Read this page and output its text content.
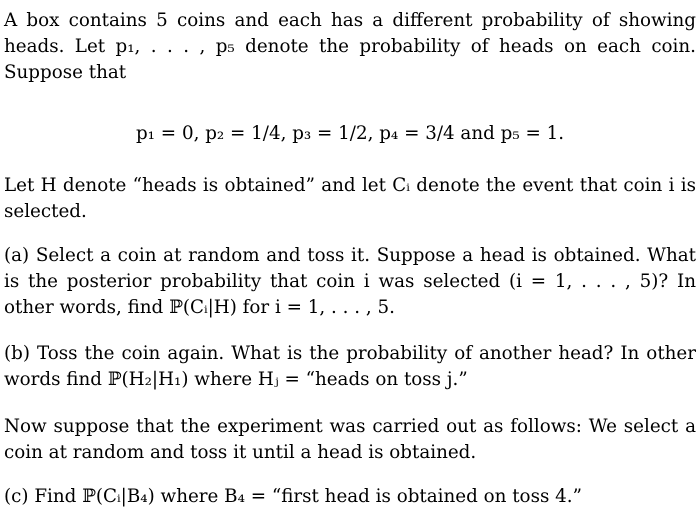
A box contains 5 coins and each has a different probability of showing heads. Let p₁, . . . , p₅ denote the probability of heads on each coin. Suppose that

p₁ = 0, p₂ = 1/4, p₃ = 1/2, p₄ = 3/4 and p₅ = 1.

Let H denote “heads is obtained” and let Cᵢ denote the event that coin i is selected.

(a) Select a coin at random and toss it. Suppose a head is obtained. What is the posterior probability that coin i was selected (i = 1, . . . , 5)? In other words, find ℙ(Cᵢ|H) for i = 1, . . . , 5.

(b) Toss the coin again. What is the probability of another head? In other words find ℙ(H₂|H₁) where Hⱼ = “heads on toss j.”

Now suppose that the experiment was carried out as follows: We select a coin at random and toss it until a head is obtained.

(c) Find ℙ(Cᵢ|B₄) where B₄ = “first head is obtained on toss 4.”
